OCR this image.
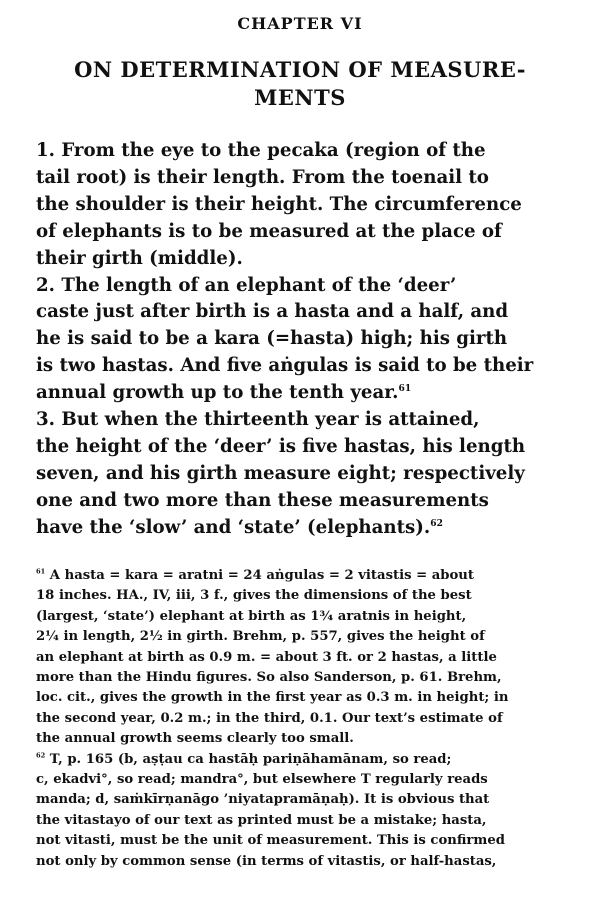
CHAPTER VI
ON DETERMINATION OF MEASURE-
MENTS
1. From the eye to the pecaka (region of the
tail root) is their length. From the toenail to
the shoulder is their height. The circumference
of elephants is to be measured at the place of
their girth (middle).
2. The length of an elephant of the ‘deer’
caste just after birth is a hasta and a half, and
he is said to be a kara (=hasta) high; his girth
is two hastas. And five aṅgulas is said to be their
annual growth up to the tenth year.$^{61}$
3. But when the thirteenth year is attained,
the height of the ‘deer’ is five hastas, his length
seven, and his girth measure eight; respectively
one and two more than these measurements
have the ‘slow’ and ‘state’ (elephants).$^{62}$
$^{61}$ A hasta = kara = aratni = 24 aṅgulas = 2 vitastis = about
18 inches. HA., IV, iii, 3 f., gives the dimensions of the best
(largest, ‘state’) elephant at birth as 1¾ aratnis in height,
2¼ in length, 2½ in girth. Brehm, p. 557, gives the height of
an elephant at birth as 0.9 m. = about 3 ft. or 2 hastas, a little
more than the Hindu figures. So also Sanderson, p. 61. Brehm,
loc. cit., gives the growth in the first year as 0.3 m. in height; in
the second year, 0.2 m.; in the third, 0.1. Our text’s estimate of
the annual growth seems clearly too small.
$^{62}$ T, p. 165 (b, aṣṭau ca hastāḥ pariṇāhamānam, so read;
c, ekadvi°, so read; mandra°, but elsewhere T regularly reads
manda; d, saṁkīrṇanāgo ’niyatapramāṇaḥ). It is obvious that
the vitastayo of our text as printed must be a mistake; hasta,
not vitasti, must be the unit of measurement. This is confirmed
not only by common sense (in terms of vitastis, or half-hastas,
